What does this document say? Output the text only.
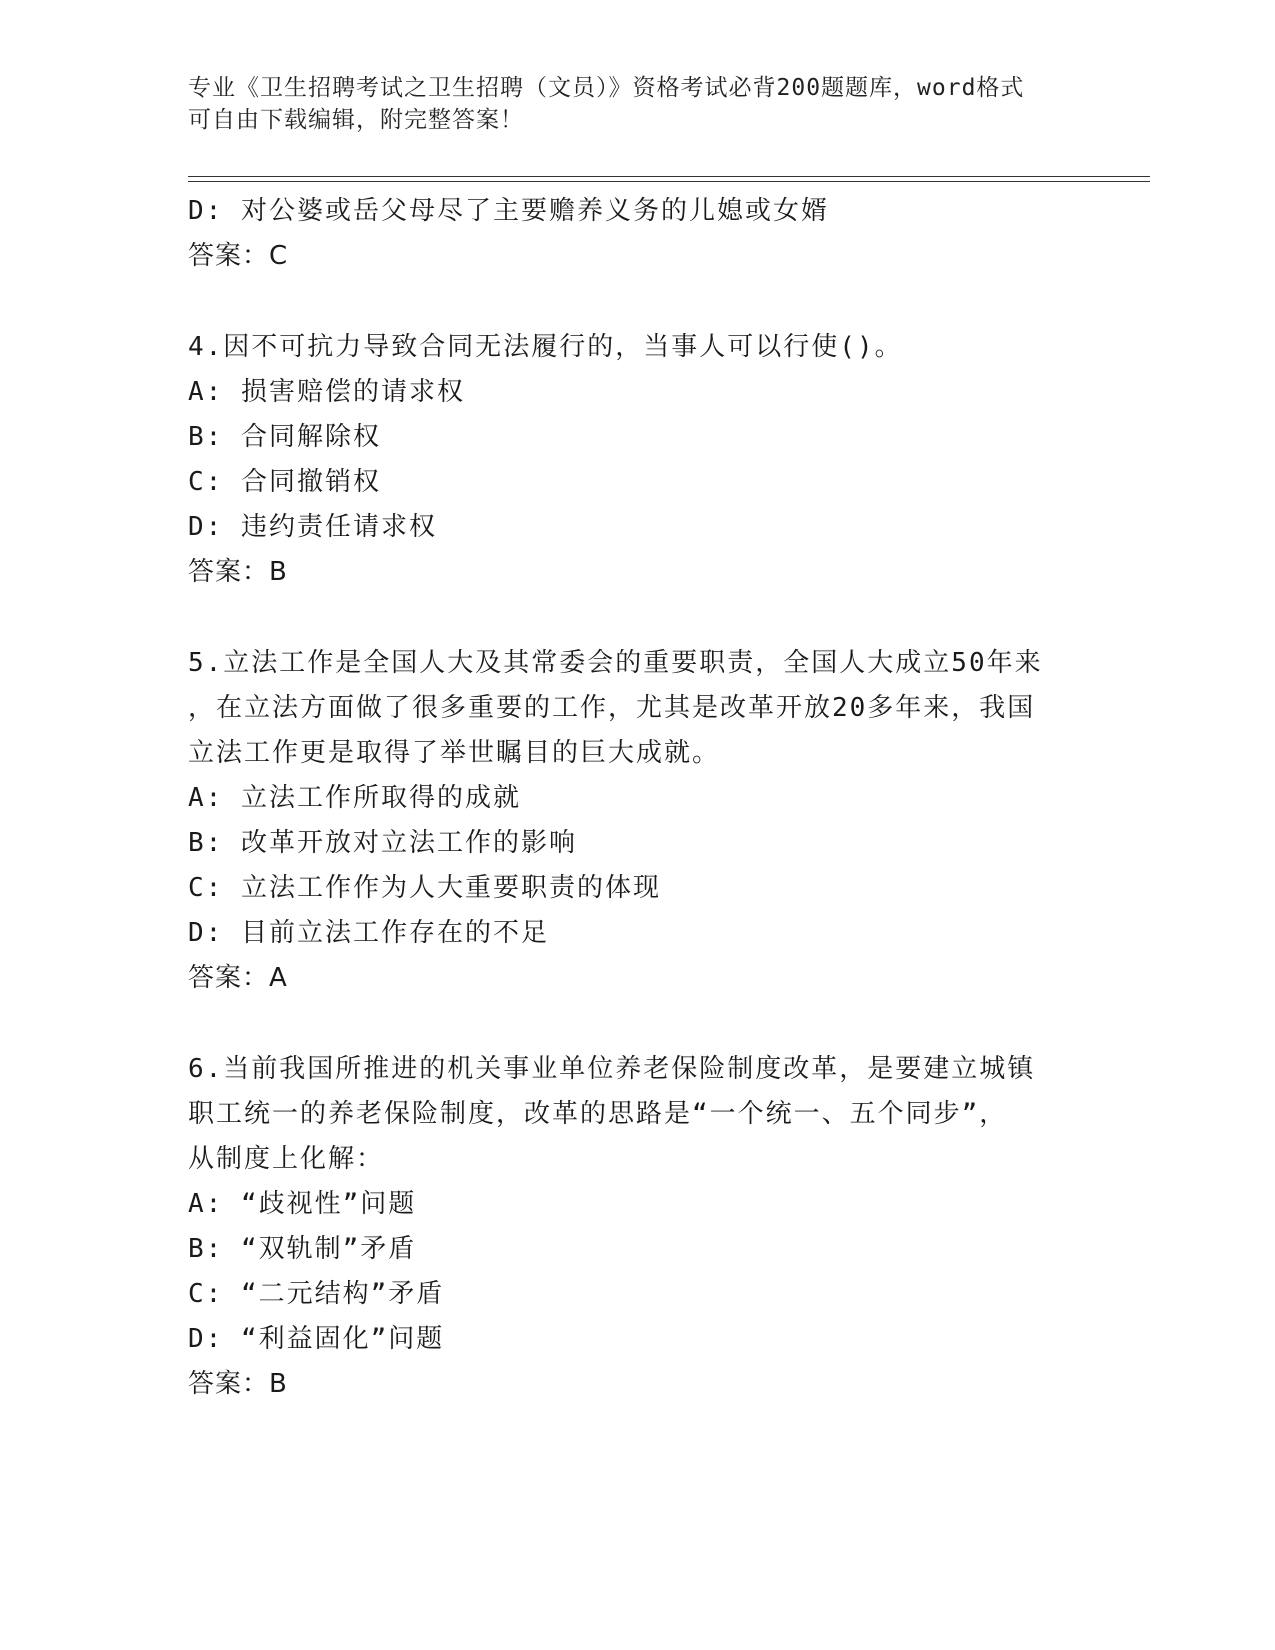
专业《卫生招聘考试之卫生招聘（文员）》资格考试必背200题题库，word格式
可自由下载编辑，附完整答案！
D: 对公婆或岳父母尽了主要赡养义务的儿媳或女婿
答案：C
4.因不可抗力导致合同无法履行的，当事人可以行使()。
A: 损害赔偿的请求权
B: 合同解除权
C: 合同撤销权
D: 违约责任请求权
答案：B
5.立法工作是全国人大及其常委会的重要职责，全国人大成立50年来
，在立法方面做了很多重要的工作，尤其是改革开放20多年来，我国
立法工作更是取得了举世瞩目的巨大成就。
A: 立法工作所取得的成就
B: 改革开放对立法工作的影响
C: 立法工作作为人大重要职责的体现
D: 目前立法工作存在的不足
答案：A
6.当前我国所推进的机关事业单位养老保险制度改革，是要建立城镇
职工统一的养老保险制度，改革的思路是“一个统一、五个同步”，
从制度上化解：
A: “歧视性”问题
B: “双轨制”矛盾
C: “二元结构”矛盾
D: “利益固化”问题
答案：B
